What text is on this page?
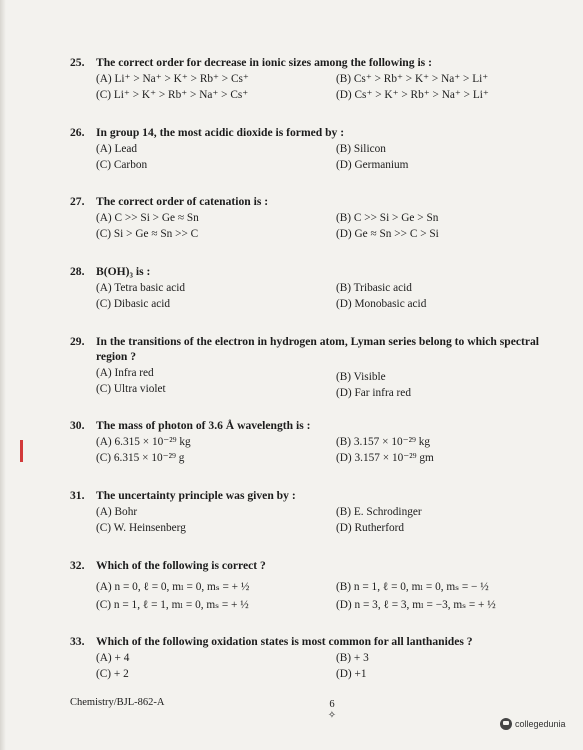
25. The correct order for decrease in ionic sizes among the following is :
(A) Li⁺ > Na⁺ > K⁺ > Rb⁺ > Cs⁺	(B) Cs⁺ > Rb⁺ > K⁺ > Na⁺ > Li⁺
(C) Li⁺ > K⁺ > Rb⁺ > Na⁺ > Cs⁺	(D) Cs⁺ > K⁺ > Rb⁺ > Na⁺ > Li⁺
26. In group 14, the most acidic dioxide is formed by :
(A) Lead	(B) Silicon
(C) Carbon	(D) Germanium
27. The correct order of catenation is :
(A) C >> Si > Ge ≈ Sn	(B) C >> Si > Ge > Sn
(C) Si > Ge ≈ Sn >> C	(D) Ge ≈ Sn >> C > Si
28. B(OH)₃ is :
(A) Tetra basic acid	(B) Tribasic acid
(C) Dibasic acid	(D) Monobasic acid
29. In the transitions of the electron in hydrogen atom, Lyman series belong to which spectral region ?
(A) Infra red	(B) Visible
(C) Ultra violet	(D) Far infra red
30. The mass of photon of 3.6 Å wavelength is :
(A) 6.315 × 10⁻²⁹ kg	(B) 3.157 × 10⁻²⁹ kg
(C) 6.315 × 10⁻²⁹ g	(D) 3.157 × 10⁻²⁹ gm
31. The uncertainty principle was given by :
(A) Bohr	(B) E. Schrodinger
(C) W. Heinsenberg	(D) Rutherford
32. Which of the following is correct ?
(A) n = 0, ℓ = 0, mₗ = 0, mₛ = + ½	(B) n = 1, ℓ = 0, mₗ = 0, mₛ = − ½
(C) n = 1, ℓ = 1, mₗ = 0, mₛ = + ½	(D) n = 3, ℓ = 3, mₗ = −3, mₛ = + ½
33. Which of the following oxidation states is most common for all lanthanides ?
(A) + 4	(B) + 3
(C) + 2	(D) +1
Chemistry/BJL-862-A	6
✧
collegedunia
